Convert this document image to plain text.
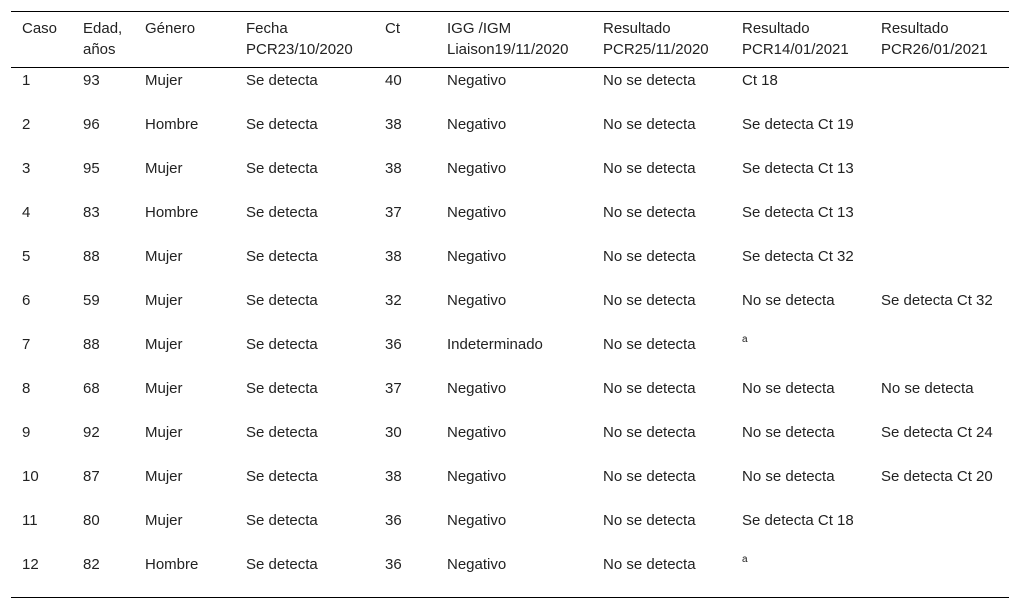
Caso	Edad, años	Género	Fecha PCR23/10/2020	Ct	IGG /IGM Liaison19/11/2020	Resultado PCR25/11/2020	Resultado PCR14/01/2021	Resultado PCR26/01/2021
1	93	Mujer	Se detecta	40	Negativo	No se detecta	Ct 18	
2	96	Hombre	Se detecta	38	Negativo	No se detecta	Se detecta Ct 19	
3	95	Mujer	Se detecta	38	Negativo	No se detecta	Se detecta Ct 13	
4	83	Hombre	Se detecta	37	Negativo	No se detecta	Se detecta Ct 13	
5	88	Mujer	Se detecta	38	Negativo	No se detecta	Se detecta Ct 32	
6	59	Mujer	Se detecta	32	Negativo	No se detecta	No se detecta	Se detecta Ct 32
7	88	Mujer	Se detecta	36	Indeterminado	No se detecta	$^a$	
8	68	Mujer	Se detecta	37	Negativo	No se detecta	No se detecta	No se detecta
9	92	Mujer	Se detecta	30	Negativo	No se detecta	No se detecta	Se detecta Ct 24
10	87	Mujer	Se detecta	38	Negativo	No se detecta	No se detecta	Se detecta Ct 20
11	80	Mujer	Se detecta	36	Negativo	No se detecta	Se detecta Ct 18	
12	82	Hombre	Se detecta	36	Negativo	No se detecta	$^a$	
